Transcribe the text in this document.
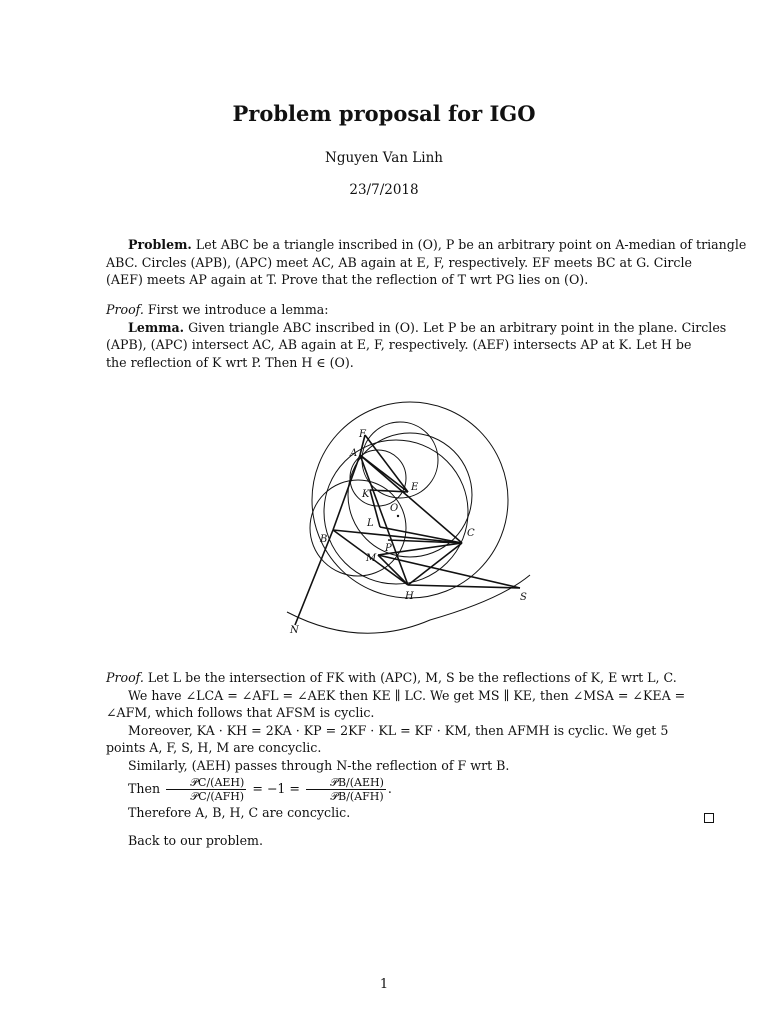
Problem proposal for IGO
Nguyen Van Linh
23/7/2018
Problem. Let ABC be a triangle inscribed in (O), P be an arbitrary point on A-median of triangle
ABC. Circles (APB), (APC) meet AC, AB again at E, F, respectively. EF meets BC at G. Circle
(AEF) meets AP again at T. Prove that the reflection of T wrt PG lies on (O).
Proof. First we introduce a lemma:
Lemma. Given triangle ABC inscribed in (O). Let P be an arbitrary point in the plane. Circles
(APB), (APC) intersect AC, AB again at E, F, respectively. (AEF) intersects AP at K. Let H be
the reflection of K wrt P. Then H ∈ (O).
F
A
K
E
O
L
C
B
P
M
H	S
N
Proof. Let L be the intersection of FK with (APC), M, S be the reflections of K, E wrt L, C.
We have ∠LCA = ∠AFL = ∠AEK then KE ∥ LC. We get MS ∥ KE, then ∠MSA = ∠KEA =
∠AFM, which follows that AFSM is cyclic.
Moreover, KA · KH = 2KA · KP = 2KF · KL = KF · KM, then AFMH is cyclic. We get 5
points A, F, S, H, M are concyclic.
Similarly, (AEH) passes through N-the reflection of F wrt B.
Then $\frac{\text{𝒫C/(AEH)}}{\text{𝒫C/(AFH)}} = -1 = \frac{\text{𝒫B/(AEH)}}{\text{𝒫B/(AFH)}}$ .
Therefore A, B, H, C are concyclic.
Back to our problem.
1
